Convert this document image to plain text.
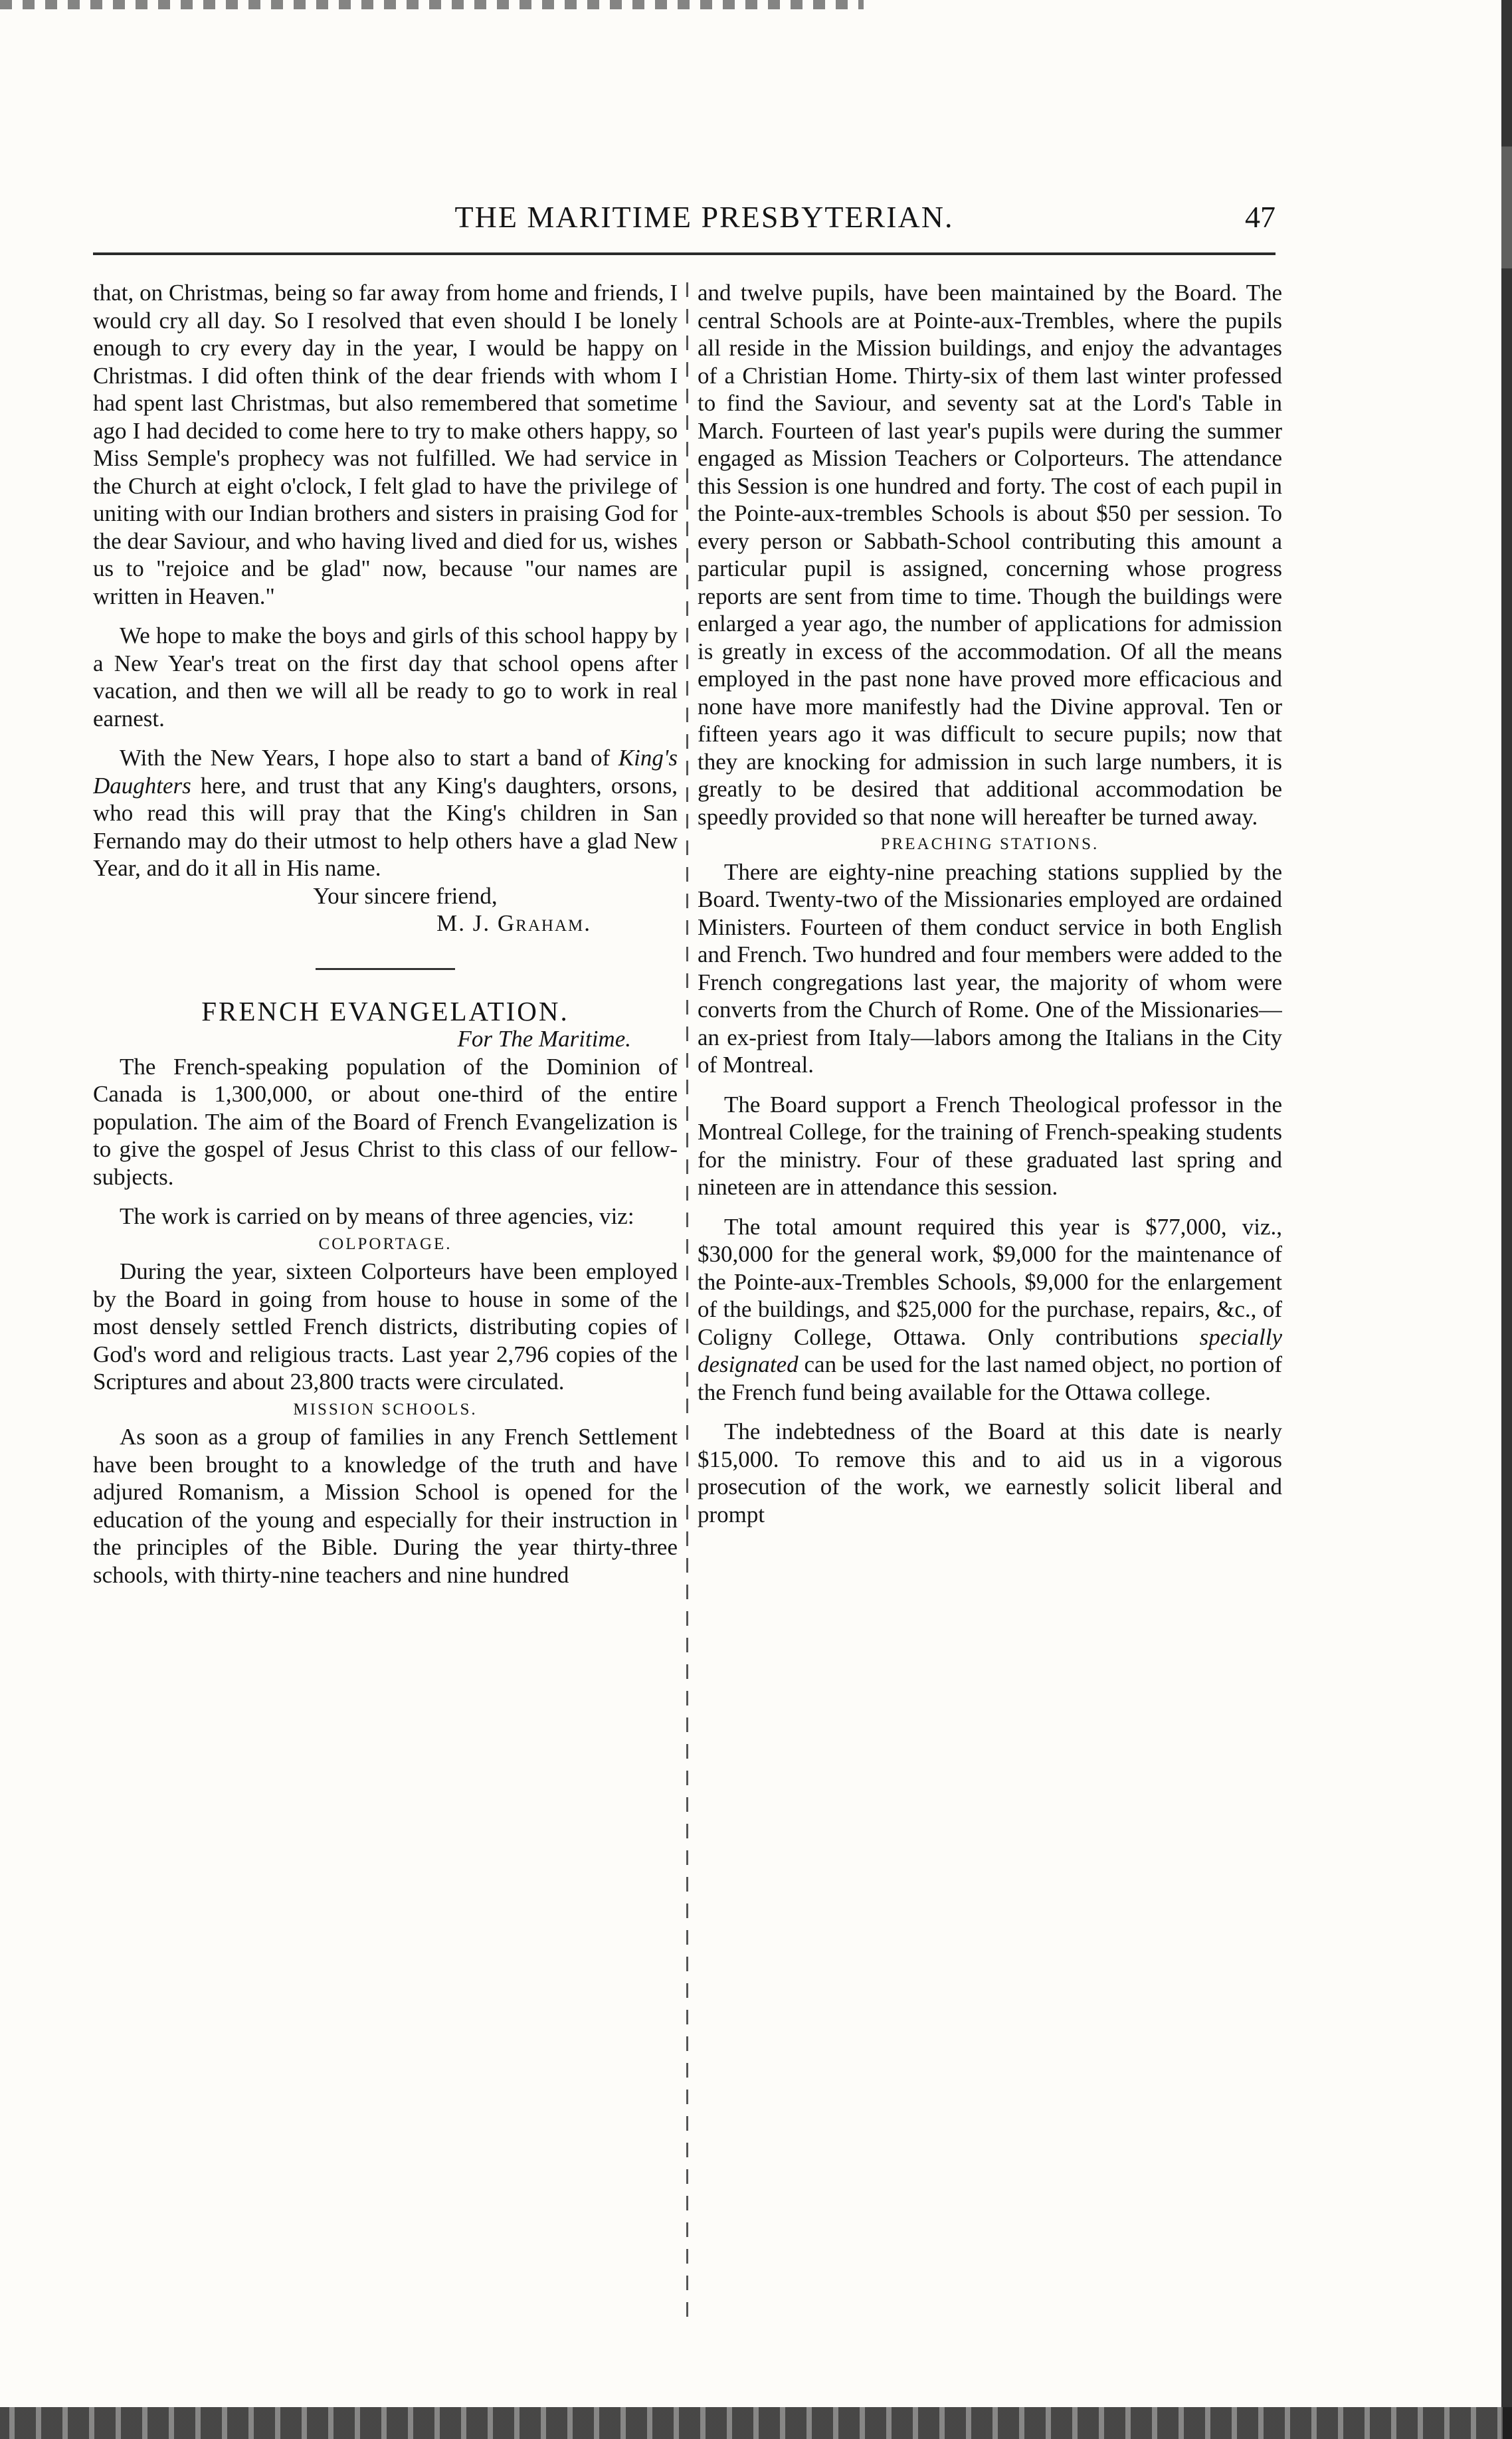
THE MARITIME PRESBYTERIAN.	47

that, on Christmas, being so far away from home and friends, I would cry all day. So I resolved that even should I be lonely enough to cry every day in the year, I would be happy on Christmas. I did often think of the dear friends with whom I had spent last Christmas, but also remembered that sometime ago I had decided to come here to try to make others happy, so Miss Semple's prophecy was not fulfilled. We had service in the Church at eight o'clock, I felt glad to have the privilege of uniting with our Indian brothers and sisters in praising God for the dear Saviour, and who having lived and died for us, wishes us to "rejoice and be glad" now, because "our names are written in Heaven."

We hope to make the boys and girls of this school happy by a New Year's treat on the first day that school opens after vacation, and then we will all be ready to go to work in real earnest.

With the New Years, I hope also to start a band of King's Daughters here, and trust that any King's daughters, orsons, who read this will pray that the King's children in San Fernando may do their utmost to help others have a glad New Year, and do it all in His name.

Your sincere friend,

M. J. Graham.

FRENCH EVANGELATION.

For The Maritime.

The French-speaking population of the Dominion of Canada is 1,300,000, or about one-third of the entire population. The aim of the Board of French Evangelization is to give the gospel of Jesus Christ to this class of our fellow-subjects.

The work is carried on by means of three agencies, viz:

COLPORTAGE.

During the year, sixteen Colporteurs have been employed by the Board in going from house to house in some of the most densely settled French districts, distributing copies of God's word and religious tracts. Last year 2,796 copies of the Scriptures and about 23,800 tracts were circulated.

MISSION SCHOOLS.

As soon as a group of families in any French Settlement have been brought to a knowledge of the truth and have adjured Romanism, a Mission School is opened for the education of the young and especially for their instruction in the principles of the Bible. During the year thirty-three schools, with thirty-nine teachers and nine hundred

and twelve pupils, have been maintained by the Board. The central Schools are at Pointe-aux-Trembles, where the pupils all reside in the Mission buildings, and enjoy the advantages of a Christian Home. Thirty-six of them last winter professed to find the Saviour, and seventy sat at the Lord's Table in March. Fourteen of last year's pupils were during the summer engaged as Mission Teachers or Colporteurs. The attendance this Session is one hundred and forty. The cost of each pupil in the Pointe-aux-trembles Schools is about $50 per session. To every person or Sabbath-School contributing this amount a particular pupil is assigned, concerning whose progress reports are sent from time to time. Though the buildings were enlarged a year ago, the number of applications for admission is greatly in excess of the accommodation. Of all the means employed in the past none have proved more efficacious and none have more manifestly had the Divine approval. Ten or fifteen years ago it was difficult to secure pupils; now that they are knocking for admission in such large numbers, it is greatly to be desired that additional accommodation be speedly provided so that none will hereafter be turned away.

PREACHING STATIONS.

There are eighty-nine preaching stations supplied by the Board. Twenty-two of the Missionaries employed are ordained Ministers. Fourteen of them conduct service in both English and French. Two hundred and four members were added to the French congregations last year, the majority of whom were converts from the Church of Rome. One of the Missionaries—an ex-priest from Italy—labors among the Italians in the City of Montreal.

The Board support a French Theological professor in the Montreal College, for the training of French-speaking students for the ministry. Four of these graduated last spring and nineteen are in attendance this session.

The total amount required this year is $77,000, viz., $30,000 for the general work, $9,000 for the maintenance of the Pointe-aux-Trembles Schools, $9,000 for the enlargement of the buildings, and $25,000 for the purchase, repairs, &c., of Coligny College, Ottawa. Only contributions specially designated can be used for the last named object, no portion of the French fund being available for the Ottawa college.

The indebtedness of the Board at this date is nearly $15,000. To remove this and to aid us in a vigorous prosecution of the work, we earnestly solicit liberal and prompt
